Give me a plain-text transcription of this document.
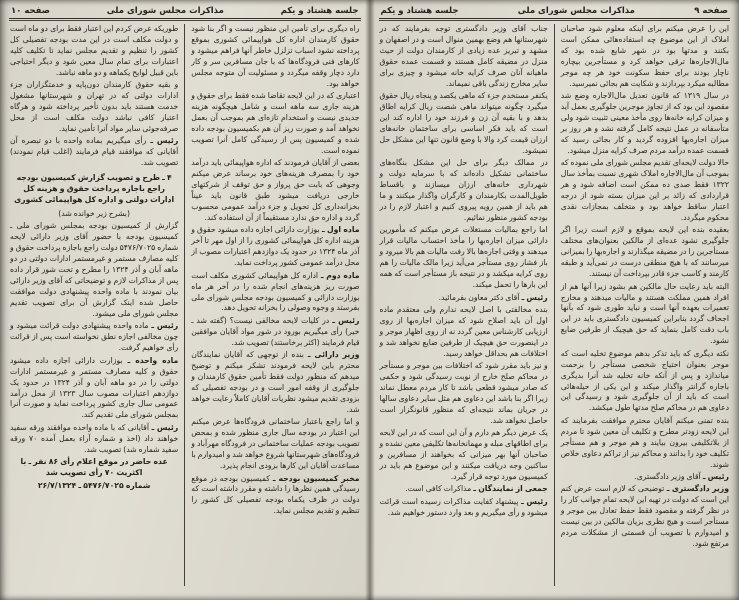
جلسه هشتاد و یکم
مذاکرات مجلس شورای ملی
صفحه ۱۰

راه دیگری برای تأمین این منظور نیست و اگر بنا شود حقوق کارمندان اداره کل هواپیمائی کشوری بموقع پرداخته نشود اسباب تزلزل خاطر آنها فراهم میشود و کارهای فنی فرودگاه‌ها که با جان مسافرین سر و کار دارد دچار وقفه میگردد و مسئولیت آن متوجه مجلس خواهد بود.

اعتباری که در این لایحه تقاضا شده فقط برای حقوق و هزینه جاری سه ماهه است و شامل هیچگونه هزینه جدیدی نیست و استخدام تازه‌ای هم بموجب آن بعمل نخواهد آمد و صورت ریز آن هم بکمیسیون بودجه داده شده و کمیسیون پس از رسیدگی کامل آنرا تصویب نموده است.

بعضی از آقایان فرمودند که اداره هواپیمائی باید درآمد خود را بمصرف هزینه‌های خود برساند عرض میکنم وجوهی که بابت حق پرواز و حق توقف از شرکتهای خارجی دریافت میشود طبق قانون باید عیناً بخزانه‌داری کل تحویل و جزء درآمد عمومی محسوب گردد و اداره حق ندارد مستقیماً از آن استفاده کند.

ماده اول ـ بوزارت دارائی اجازه داده میشود حقوق و هزینه اداره کل هواپیمائی کشوری را از اول مهر تا آخر آذر ماه ۱۳۲۴ در حدود یک دوازدهم اعتبارات مصوب از محل درآمد عمومی کشور پرداخت نماید.

ماده دوم ـ اداره کل هواپیمائی کشوری مکلف است صورت ریز هزینه‌های انجام شده را در آخر هر ماه بوزارت دارائی و کمیسیون بودجه مجلس شورای ملی بفرستد و وجوه وصولی را بخزانه تحویل دهد.

رئیس ـ در کلیات لایحه مخالفی نیست؟ (گفته شد ـ خیر) رأی میگیریم بورود در شور مواد آقایان موافقین قیام فرمایند (اکثر برخاستند) تصویب شد.

وزیر دارائی ـ بنده از توجهی که آقایان نمایندگان محترم باین لایحه فرمودند تشکر میکنم و توضیح میدهم که منظور دولت فقط تأمین حقوق کارمندان و جلوگیری از وقفه امور است و در بودجه تفصیلی که بزودی تقدیم میشود نظریات آقایان کاملاً رعایت خواهد شد.

و اما راجع باعتبار ساختمانی فرودگاه‌ها عرض میکنم این اعتبار در بودجه سال جاری منظور شده و بمحض تصویب بودجه عملیات ساختمانی در فرودگاه مهرآباد و فرودگاه‌های شهرستانها شروع خواهد شد و امیدوارم با مساعدت آقایان این کارها بزودی انجام پذیرد.

مخبر کمیسیون بودجه ـ کمیسیون بودجه در موقع رسیدگی همین نظرها را داشته و مقرر داشته است که دولت در ظرف یکماه بودجه تفصیلی کل کشور را تنظیم و تقدیم مجلس نماید.

طوریکه عرض کردم این اعتبار فقط برای دو ماه است و دولت مکلف است در این مدت بودجه تفصیلی کل کشور را تنظیم و تقدیم مجلس نماید تا تکلیف کلیه اعتبارات برای تمام سال معین شود و دیگر احتیاجی باین قبیل لوایح یکماهه و دو ماهه نباشد.

و بقیه حقوق کارمندان دون‌پایه و خدمتگزاران جزء ادارات دولتی که در تهران و شهرستانها مشغول خدمت هستند باید بدون تأخیر پرداخته شود و هرگاه اعتبار کافی نباشد دولت مکلف است از محل صرفه‌جوئی سایر مواد آنرا تأمین نماید.

رئیس ـ رأی میگیریم بماده واحده با دو تبصره آن آقایانی که موافقند قیام فرمایند (اغلب قیام نمودند) تصویب شد.

۴ ـ طرح و تصویب گزارش کمیسیون بودجه راجع باجازه پرداخت حقوق و هزینه کل ادارات دولتی و اداره کل هواپیمائی کشوری

(بشرح زیر خوانده شد)

گزارش از کمیسیون بودجه بمجلس شورای ملی ـ کمیسیون بودجه با حضور آقای وزیر دارائی لایحه شماره ۵۴۷۶/۷۰۲۵ دولت راجع باجازه پرداخت حقوق و کلیه مصارف مستمر و غیرمستمر ادارات دولتی در دو ماهه آبان و آذر ۱۳۲۴ را مطرح و تحت شور قرار داده پس از مذاکرات لازم و توضیحاتی که آقای وزیر دارائی بیان نمودند با ماده واحده پیشنهادی دولت موافقت حاصل شده اینک گزارش آن برای تصویب تقدیم مجلس شورای ملی میشود.

رئیس ـ ماده واحده پیشنهادی دولت قرائت میشود و چون مخالفی اجازه نطق نخواسته است پس از قرائت رأی خواهیم گرفت.

ماده واحده ـ بوزارت دارائی اجازه داده میشود حقوق و کلیه مصارف مستمر و غیرمستمر ادارات دولتی را در دو ماهه آبان و آذر ۱۳۲۴ در حدود یک دوازدهم اعتبارات مصوب سال ۱۳۲۳ از محل درآمد عمومی سال جاری کشور پرداخت نماید و صورت آنرا بمجلس شورای ملی تقدیم کند.

رئیس ـ آقایانی که با ماده واحده موافقند ورقه سفید خواهند داد (اخذ و شماره آراء بعمل آمده ۷۰ ورقه سفید شماره شد) تصویب شد.

عده حاضر در موقع اعلام رأی ۸۶ نفر ـ با اکثریت ۷۰ رأی تصویب شد

شماره ۵۴۷۶/۷۰۲۵ ـ ۲۶/۷/۱۳۲۴

صفحه ۹
مذاکرات مجلس شورای ملی
جلسه هشتاد و یکم

این را عرض میکنم برای اینکه معلوم شود صاحبان املاک از این موضوع چه استفاده‌هائی ممکن است بکنند و مدتها بود در شهر شایع شده بود که مال‌الاجاره‌ها ترقی خواهد کرد و مستأجرین بیچاره ناچار بودند برای حفظ سکونت خود هر چه موجر مطالبه میکرد بپردازند و شکایت هم بجائی نمیرسید.

در سال ۱۳۱۹ که قانون تعدیل مال‌الاجاره وضع شد مقصود این بود که از تجاوز موجرین جلوگیری بعمل آید و میزان کرایه خانه‌ها روی مأخذ معینی تثبیت شود ولی متأسفانه در عمل نتیجه کامل گرفته نشد و هر روز بر میزان اجاره‌بها افزوده گردید و کار بجائی رسید که قسمت عمده درآمد مردم صرف کرایه منزل میشود.

حالا دولت لایحه‌ای تقدیم مجلس شورای ملی نموده که بموجب آن مال‌الاجاره املاک شهری نسبت بمأخذ سال ۱۳۲۲ فقط صدی ده ممکن است اضافه شود و هر قراردادی که زائد بر این میزان بسته شود از درجه اعتبار ساقط خواهد بود و متخلف بمجازات نقدی محکوم میگردد.

بعقیده بنده این لایحه بموقع و لازم است زیرا اگر جلوگیری نشود عده‌ای از مالکین بعنوان‌های مختلف مستأجرین را در مضیقه میگذارند و اجاره‌بها را بمیزانی میرسانند که با هیچ منطقی درست در نمی‌آید و طبقه کارمند و کاسب جزء قادر بپرداخت آن نیستند.

البته باید رعایت حال مالکین هم بشود زیرا آنها هم از افراد همین مملکت هستند و مالیات میدهند و مخارج تعمیرات بعهده آنها است و نباید طوری شود که بآنها اجحاف گردد بنابراین کمیسیون دادگستری باید در این باب دقت کامل بنماید که حق هیچیک از طرفین ضایع نشود.

نکته دیگری که باید تذکر بدهم موضوع تخلیه است که موجر بعنوان احتیاج شخصی مستأجر را بزحمت میاندازد و پس از آنکه خانه تخلیه شد آنرا بدیگری باجاره گرانتر واگذار میکند و این یکی از حیله‌هائی است که باید از آن جلوگیری شود و رسیدگی این دعاوی هم در محاکم صلح مدتها طول میکشد.

بنده تمنی میکنم آقایان محترم موافقت بفرمایند که این لایحه زودتر مطرح و تکلیف آن معین شود تا مردم از بلاتکلیفی بیرون بیایند و هم موجر و هم مستأجر تکلیف خود را بدانند و محاکم نیز از تراکم دعاوی خلاص شوند.

رئیس ـ آقای وزیر دادگستری.

وزیر دادگستری ـ توضیحی که لازم است عرض کنم این است که دولت در تهیه این لایحه تمام جوانب کار را در نظر گرفته و مقصود فقط حفظ تعادل بین موجر و مستأجر است و هیچ نظری بزیان مالکین در بین نیست و امیدوارم با تصویب آن قسمتی از مشکلات مردم مرتفع شود.

جناب آقای وزیر دادگستری توجه بفرمایند که در شهرستانها هم وضع بهمین منوال است و در اصفهان و مشهد و تبریز عده زیادی از کارمندان دولت از حیث منزل در مضیقه کامل هستند و قسمت عمده حقوق ماهیانه آنان صرف کرایه خانه میشود و چیزی برای سایر مخارج زندگی باقی نمیماند.

یکنفر مستخدم جزء که ماهی یکصد و پنجاه ریال حقوق میگیرد چگونه میتواند ماهی شصت ریال کرایه اطاق بدهد و با بقیه آن زن و فرزند خود را اداره کند این است که باید فکر اساسی برای ساختمان خانه‌های ارزان قیمت کرد والا با وضع قانون تنها این مشکل حل نمیشود.

در ممالک دیگر برای حل این مشکل بنگاه‌های ساختمانی تشکیل داده‌اند که با سرمایه دولت و شهرداری خانه‌های ارزان میسازند و باقساط طویل‌المدت بکارمندان و کارگران واگذار میکنند و ما هم باید از همین رویه پیروی کنیم و اعتبار لازم را در بودجه کشور منظور نمائیم.

اما راجع بمالیات مستغلات عرض میکنم که مأمورین دارائی میزان اجاره‌بها را مأخذ احتساب مالیات قرار میدهند و وقتی اجاره‌ها بالا رفت مالیات هم بالا میرود و باز فشار روی مستأجر می‌آید زیرا مالک مالیات را هم روی کرایه میکشد و در نتیجه باز مستأجر است که همه این بارها را تحمل میکند.

رئیس ـ آقای دکتر معاون بفرمائید.

بنده مخالفتی با اصل لایحه ندارم ولی معتقدم ماده اول آن باید اصلاح شود که میزان اجاره‌بها از روی ارزیابی کارشناس معین گردد نه از روی اظهار موجر و در اینصورت حق هیچیک از طرفین ضایع نخواهد شد و اختلافات هم بحداقل خواهد رسید.

و نیز باید مقرر شود که اختلافات بین موجر و مستأجر در محاکم صلح خارج از نوبت رسیدگی شود و حکمی که صادر میشود قطعی باشد تا کار مردم معطل نماند زیرا اگر بنا باشد این دعاوی هم مثل سایر دعاوی سالها در جریان بماند نتیجه‌ای که منظور قانونگزار است حاصل نخواهد شد.

یک عرض دیگر هم دارم و آن این است که در این لایحه برای اطاقهای مبله و مهمانخانه‌ها تکلیفی معین نشده و صاحبان آنها بهر میزانی که بخواهند از مسافرین و ساکنین وجه دریافت میکنند و این موضوع هم باید در کمیسیون مورد توجه قرار گیرد.

جمعی از نمایندگان ـ مذاکرات کافی است.

رئیس ـ پیشنهاد کفایت مذاکرات رسیده است قرائت میشود و رأی میگیریم و بعد وارد دستور خواهیم شد.
